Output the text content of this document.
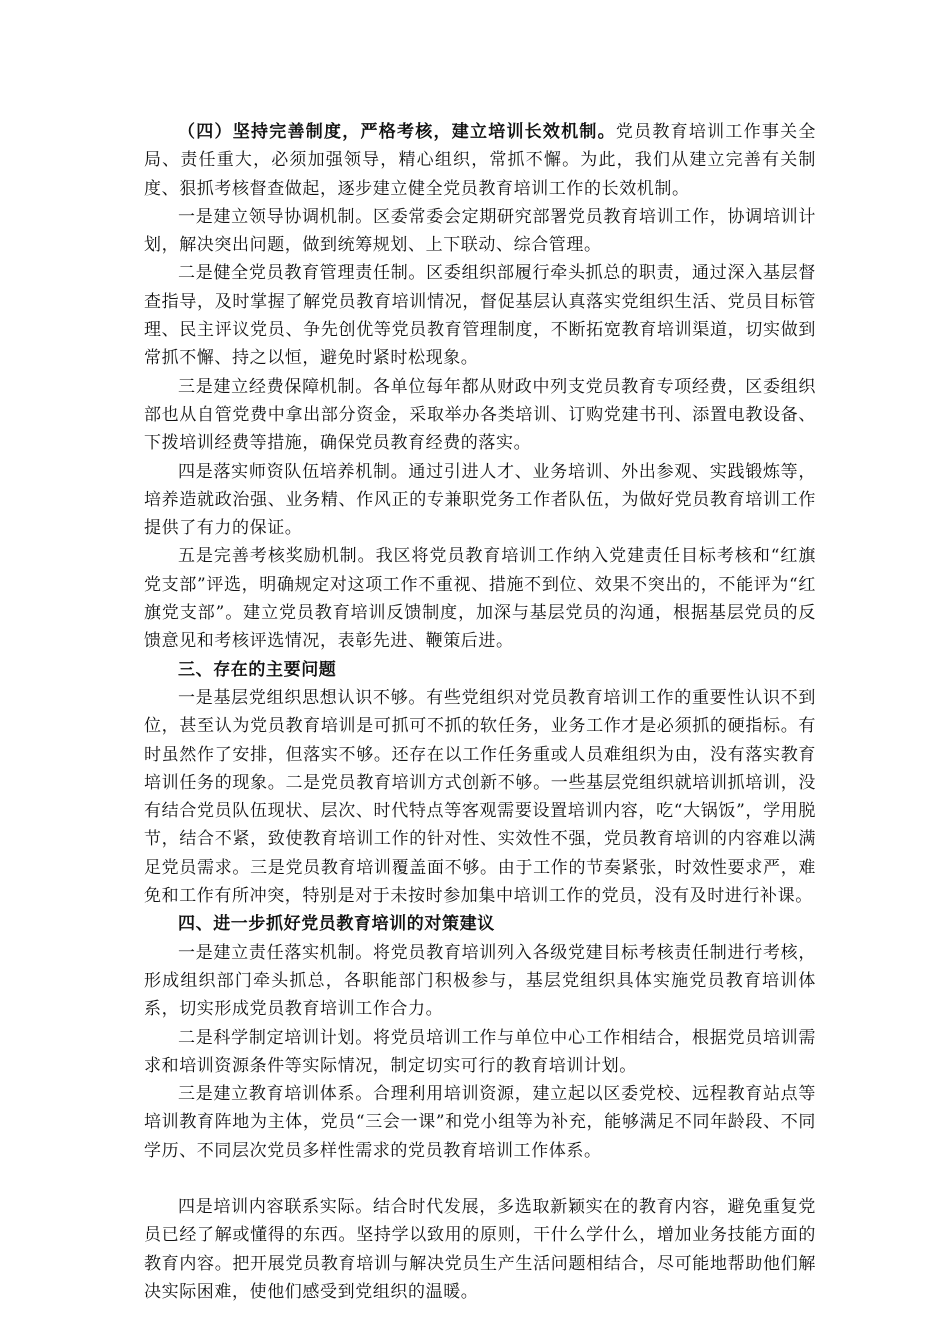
（四）坚持完善制度，严格考核，建立培训长效机制。党员教育培训工作事关全局、责任重大，必须加强领导，精心组织，常抓不懈。为此，我们从建立完善有关制度、狠抓考核督查做起，逐步建立健全党员教育培训工作的长效机制。

一是建立领导协调机制。区委常委会定期研究部署党员教育培训工作，协调培训计划，解决突出问题，做到统筹规划、上下联动、综合管理。

二是健全党员教育管理责任制。区委组织部履行牵头抓总的职责，通过深入基层督查指导，及时掌握了解党员教育培训情况，督促基层认真落实党组织生活、党员目标管理、民主评议党员、争先创优等党员教育管理制度，不断拓宽教育培训渠道，切实做到常抓不懈、持之以恒，避免时紧时松现象。

三是建立经费保障机制。各单位每年都从财政中列支党员教育专项经费，区委组织部也从自管党费中拿出部分资金，采取举办各类培训、订购党建书刊、添置电教设备、下拨培训经费等措施，确保党员教育经费的落实。

四是落实师资队伍培养机制。通过引进人才、业务培训、外出参观、实践锻炼等，培养造就政治强、业务精、作风正的专兼职党务工作者队伍，为做好党员教育培训工作提供了有力的保证。

五是完善考核奖励机制。我区将党员教育培训工作纳入党建责任目标考核和“红旗党支部”评选，明确规定对这项工作不重视、措施不到位、效果不突出的，不能评为“红旗党支部”。建立党员教育培训反馈制度，加深与基层党员的沟通，根据基层党员的反馈意见和考核评选情况，表彰先进、鞭策后进。

三、存在的主要问题

一是基层党组织思想认识不够。有些党组织对党员教育培训工作的重要性认识不到位，甚至认为党员教育培训是可抓可不抓的软任务，业务工作才是必须抓的硬指标。有时虽然作了安排，但落实不够。还存在以工作任务重或人员难组织为由，没有落实教育培训任务的现象。二是党员教育培训方式创新不够。一些基层党组织就培训抓培训，没有结合党员队伍现状、层次、时代特点等客观需要设置培训内容，吃“大锅饭”，学用脱节，结合不紧，致使教育培训工作的针对性、实效性不强，党员教育培训的内容难以满足党员需求。三是党员教育培训覆盖面不够。由于工作的节奏紧张，时效性要求严，难免和工作有所冲突，特别是对于未按时参加集中培训工作的党员，没有及时进行补课。

四、进一步抓好党员教育培训的对策建议

一是建立责任落实机制。将党员教育培训列入各级党建目标考核责任制进行考核，形成组织部门牵头抓总，各职能部门积极参与，基层党组织具体实施党员教育培训体系，切实形成党员教育培训工作合力。

二是科学制定培训计划。将党员培训工作与单位中心工作相结合，根据党员培训需求和培训资源条件等实际情况，制定切实可行的教育培训计划。

三是建立教育培训体系。合理利用培训资源，建立起以区委党校、远程教育站点等培训教育阵地为主体，党员“三会一课”和党小组等为补充，能够满足不同年龄段、不同学历、不同层次党员多样性需求的党员教育培训工作体系。

四是培训内容联系实际。结合时代发展，多选取新颖实在的教育内容，避免重复党员已经了解或懂得的东西。坚持学以致用的原则，干什么学什么，增加业务技能方面的教育内容。把开展党员教育培训与解决党员生产生活问题相结合，尽可能地帮助他们解决实际困难，使他们感受到党组织的温暖。
